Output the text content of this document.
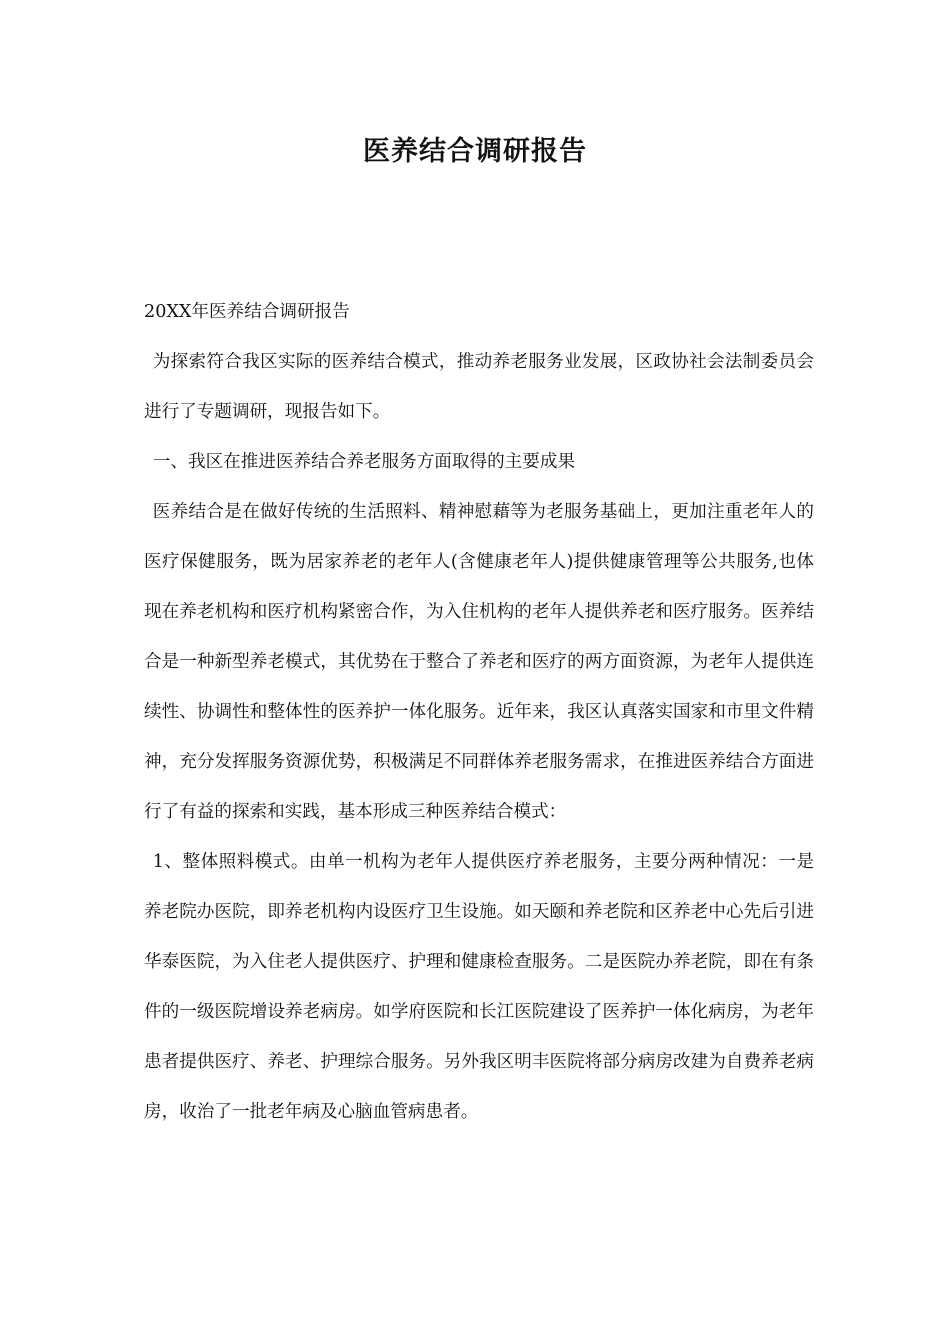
医养结合调研报告

20XX年医养结合调研报告

为探索符合我区实际的医养结合模式，推动养老服务业发展，区政协社会法制委员会进行了专题调研，现报告如下。

一、我区在推进医养结合养老服务方面取得的主要成果

医养结合是在做好传统的生活照料、精神慰藉等为老服务基础上，更加注重老年人的医疗保健服务，既为居家养老的老年人(含健康老年人)提供健康管理等公共服务,也体现在养老机构和医疗机构紧密合作，为入住机构的老年人提供养老和医疗服务。医养结合是一种新型养老模式，其优势在于整合了养老和医疗的两方面资源，为老年人提供连续性、协调性和整体性的医养护一体化服务。近年来，我区认真落实国家和市里文件精神，充分发挥服务资源优势，积极满足不同群体养老服务需求，在推进医养结合方面进行了有益的探索和实践，基本形成三种医养结合模式：

1、整体照料模式。由单一机构为老年人提供医疗养老服务，主要分两种情况：一是养老院办医院，即养老机构内设医疗卫生设施。如天颐和养老院和区养老中心先后引进华泰医院，为入住老人提供医疗、护理和健康检查服务。二是医院办养老院，即在有条件的一级医院增设养老病房。如学府医院和长江医院建设了医养护一体化病房，为老年患者提供医疗、养老、护理综合服务。另外我区明丰医院将部分病房改建为自费养老病房，收治了一批老年病及心脑血管病患者。
